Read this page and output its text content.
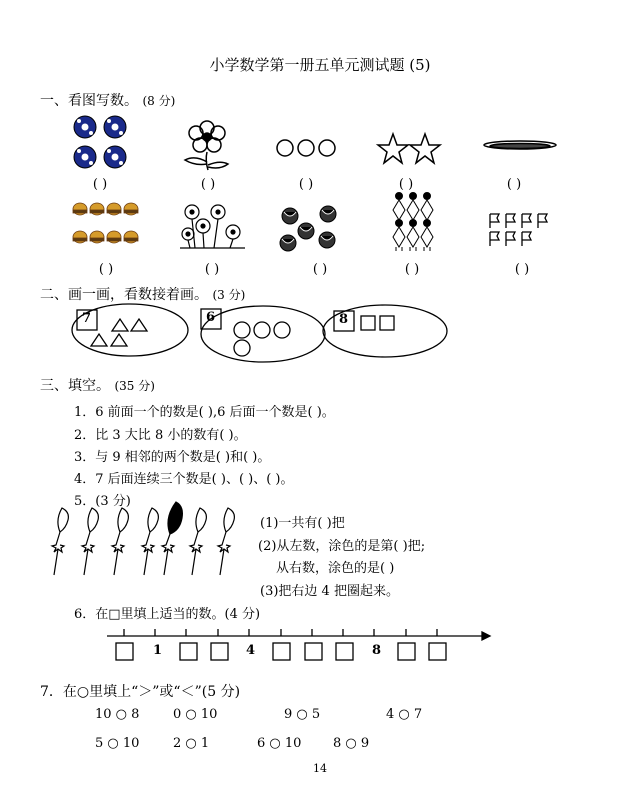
小学数学第一册五单元测试题 (5)
一、看图写数。 (8 分)
( )	( )	( )	( )	( )
( )	( )	( )	( )	( )
二、画一画，看数接着画。 (3 分)
7	6	8
三、填空。 (35 分)
1．6 前面一个的数是( ),6 后面一个数是( )。
2．比 3 大比 8 小的数有( )。
3．与 9 相邻的两个数是( )和( )。
4．7 后面连续三个数是( )、( )、( )。
5．(3 分)
(1)一共有( )把
(2)从左数，涂色的是第( )把;
从右数，涂色的是( )
(3)把右边 4 把圈起来。
6．在□里填上适当的数。(4 分)
1	4	8
7．在○里填上“＞”或“＜”(5 分)
10 ○ 8	0 ○ 10	9 ○ 5	4 ○ 7
5 ○ 10	2 ○ 1	6 ○ 10 8 ○ 9
14
